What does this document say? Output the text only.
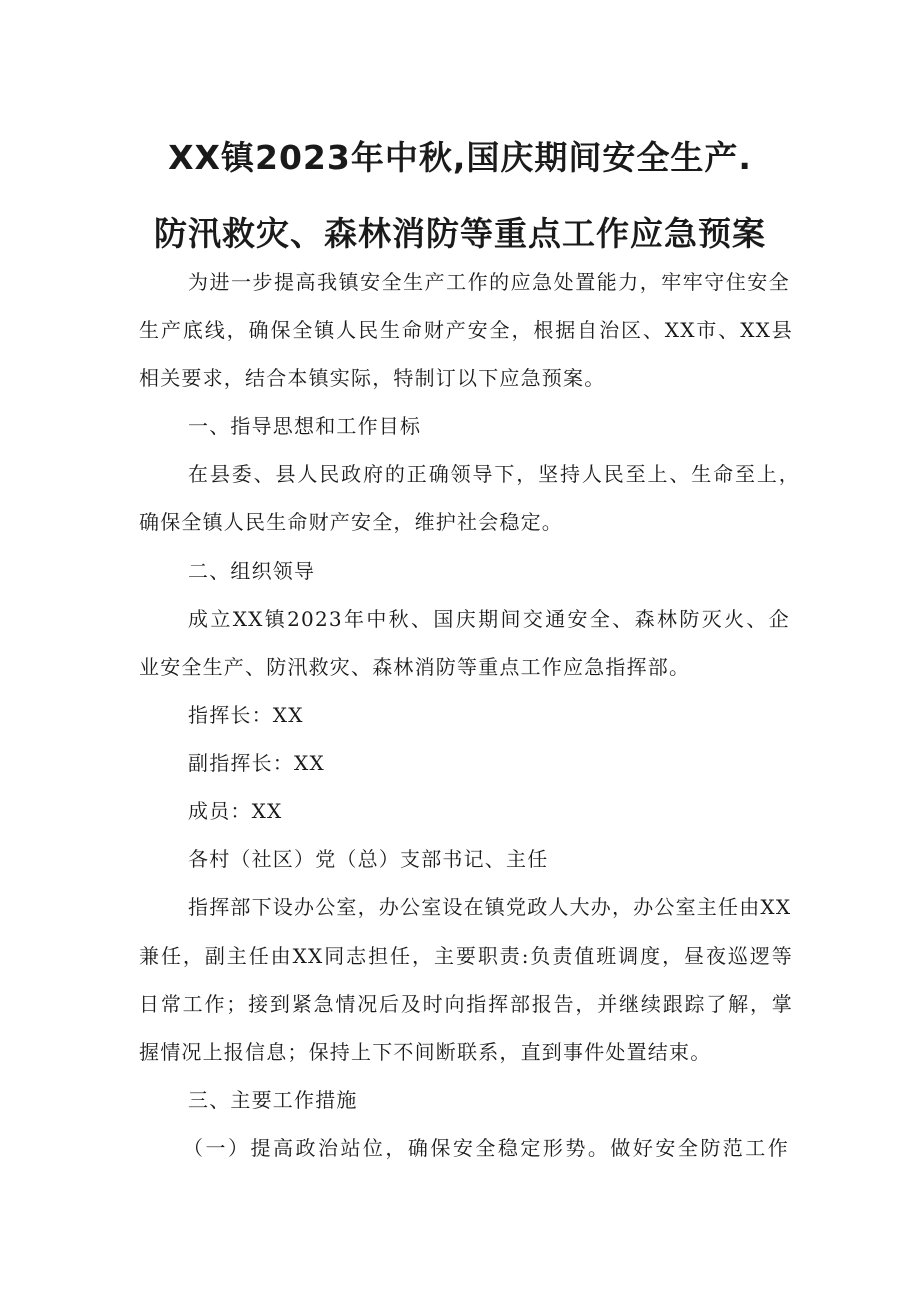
XX镇2023年中秋,国庆期间安全生产.
防汛救灾、森林消防等重点工作应急预案
为进一步提高我镇安全生产工作的应急处置能力，牢牢守住安全
生产底线，确保全镇人民生命财产安全，根据自治区、XX市、XX县
相关要求，结合本镇实际，特制订以下应急预案。
一、指导思想和工作目标
在县委、县人民政府的正确领导下，坚持人民至上、生命至上，
确保全镇人民生命财产安全，维护社会稳定。
二、组织领导
成立XX镇2023年中秋、国庆期间交通安全、森林防灭火、企
业安全生产、防汛救灾、森林消防等重点工作应急指挥部。
指挥长：XX
副指挥长：XX
成员：XX
各村（社区）党（总）支部书记、主任
指挥部下设办公室，办公室设在镇党政人大办，办公室主任由XX
兼任，副主任由XX同志担任，主要职责:负责值班调度，昼夜巡逻等
日常工作；接到紧急情况后及时向指挥部报告，并继续跟踪了解，掌
握情况上报信息；保持上下不间断联系，直到事件处置结束。
三、主要工作措施
（一）提高政治站位，确保安全稳定形势。做好安全防范工作
